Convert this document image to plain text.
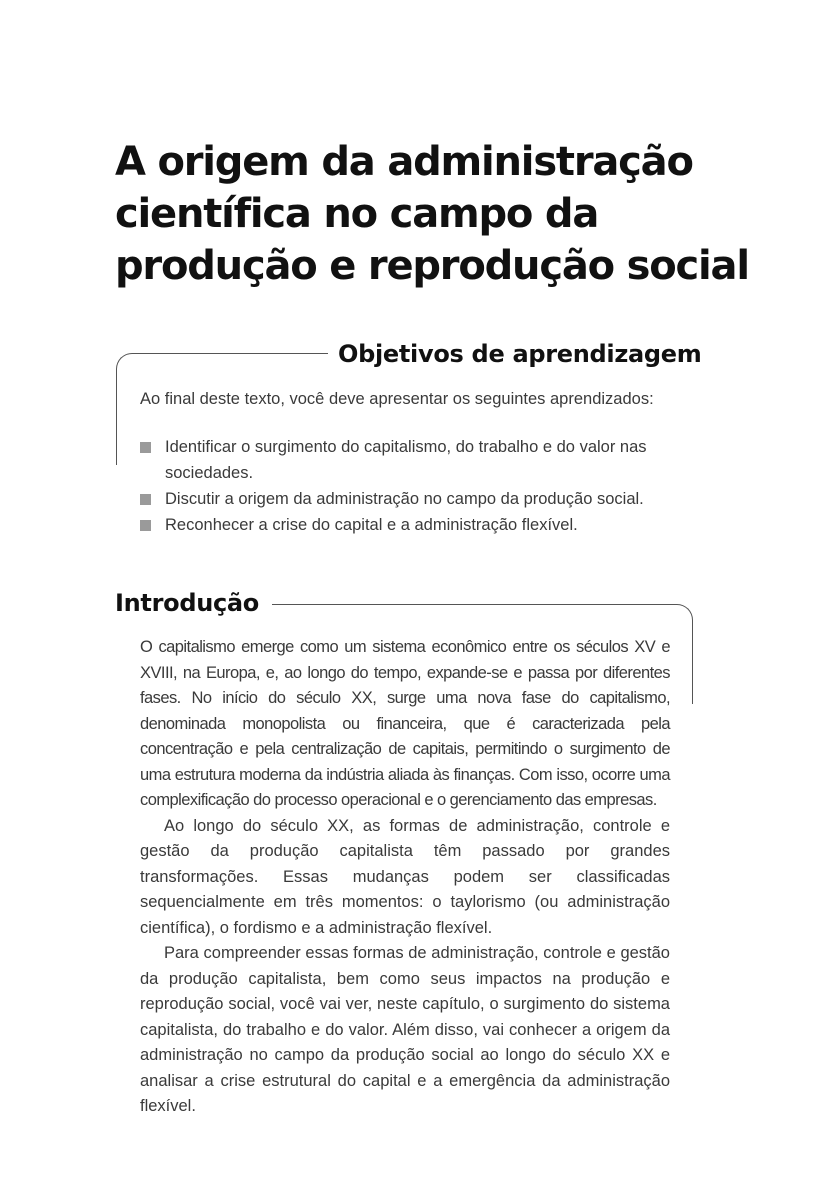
A origem da administração
científica no campo da
produção e reprodução social
Objetivos de aprendizagem

Ao final deste texto, você deve apresentar os seguintes aprendizados:

Identificar o surgimento do capitalismo, do trabalho e do valor nas sociedades.
Discutir a origem da administração no campo da produção social.
Reconhecer a crise do capital e a administração flexível.
Introdução

O capitalismo emerge como um sistema econômico entre os séculos XV e XVIII, na Europa, e, ao longo do tempo, expande-se e passa por diferentes fases. No início do século XX, surge uma nova fase do capitalismo, denominada monopolista ou financeira, que é caracterizada pela concentração e pela centralização de capitais, permitindo o surgimento de uma estrutura moderna da indústria aliada às finanças. Com isso, ocorre uma complexificação do processo operacional e o gerenciamento das empresas.

Ao longo do século XX, as formas de administração, controle e gestão da produção capitalista têm passado por grandes transformações. Essas mudanças podem ser classificadas sequencialmente em três momentos: o taylorismo (ou administração científica), o fordismo e a administração flexível.

Para compreender essas formas de administração, controle e gestão da produção capitalista, bem como seus impactos na produção e reprodução social, você vai ver, neste capítulo, o surgimento do sistema capitalista, do trabalho e do valor. Além disso, vai conhecer a origem da administração no campo da produção social ao longo do século XX e analisar a crise estrutural do capital e a emergência da administração flexível.
